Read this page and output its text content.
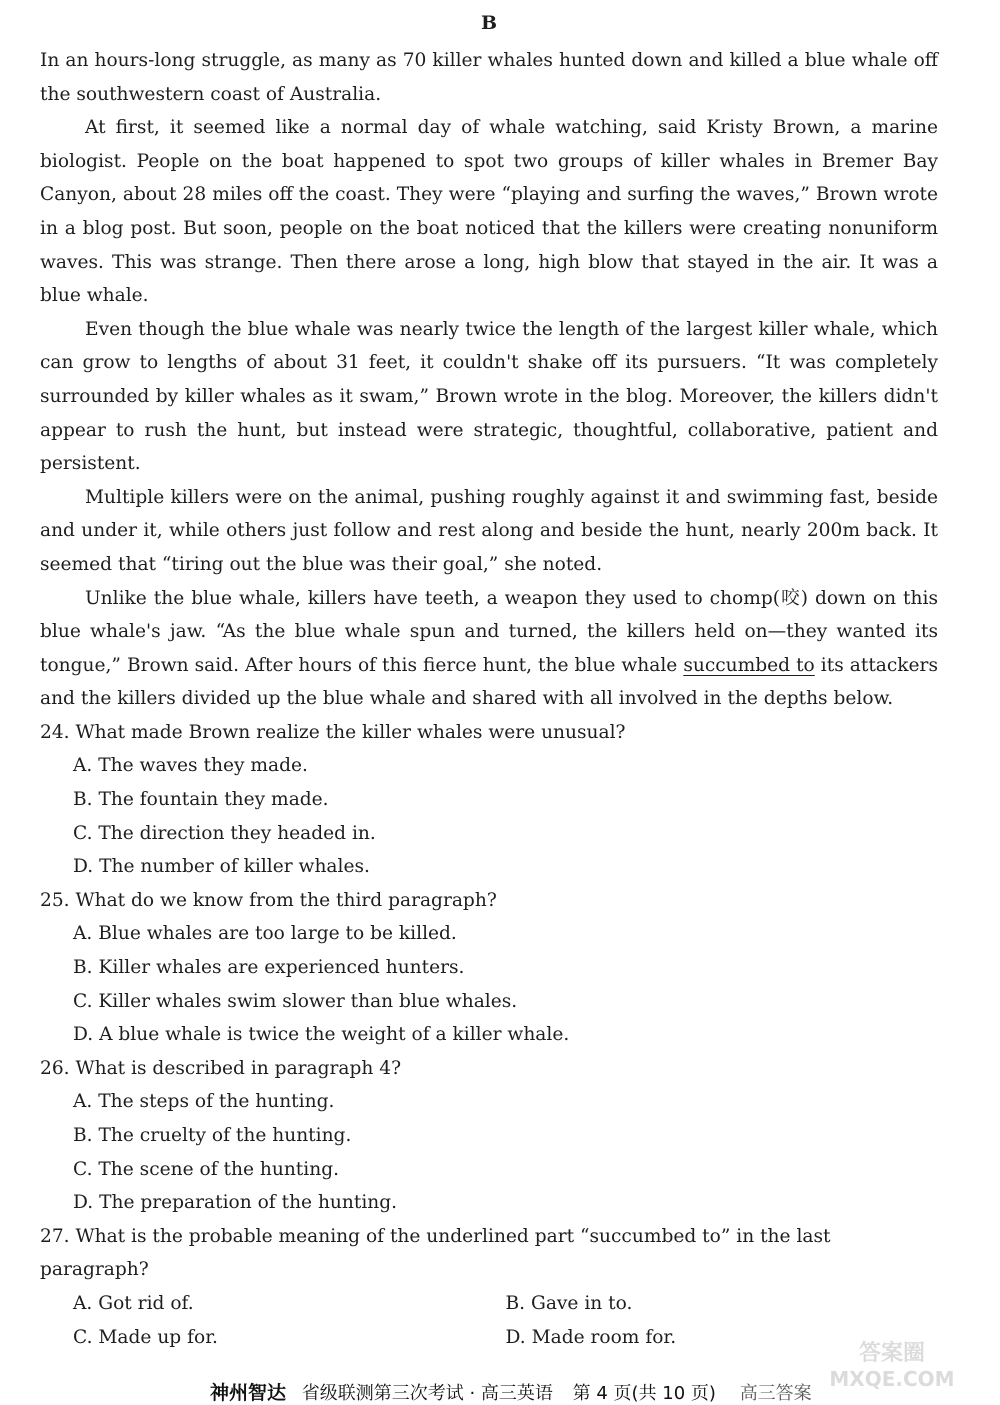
B

In an hours-long struggle, as many as 70 killer whales hunted down and killed a blue whale off the southwestern coast of Australia.

At first, it seemed like a normal day of whale watching, said Kristy Brown, a marine biologist. People on the boat happened to spot two groups of killer whales in Bremer Bay Canyon, about 28 miles off the coast. They were “playing and surfing the waves,” Brown wrote in a blog post. But soon, people on the boat noticed that the killers were creating nonuniform waves. This was strange. Then there arose a long, high blow that stayed in the air. It was a blue whale.

Even though the blue whale was nearly twice the length of the largest killer whale, which can grow to lengths of about 31 feet, it couldn't shake off its pursuers. “It was completely surrounded by killer whales as it swam,” Brown wrote in the blog. Moreover, the killers didn't appear to rush the hunt, but instead were strategic, thoughtful, collaborative, patient and persistent.

Multiple killers were on the animal, pushing roughly against it and swimming fast, beside and under it, while others just follow and rest along and beside the hunt, nearly 200m back. It seemed that “tiring out the blue was their goal,” she noted.

Unlike the blue whale, killers have teeth, a weapon they used to chomp(咬) down on this blue whale's jaw. “As the blue whale spun and turned, the killers held on—they wanted its tongue,” Brown said. After hours of this fierce hunt, the blue whale succumbed to its attackers and the killers divided up the blue whale and shared with all involved in the depths below.

24. What made Brown realize the killer whales were unusual?

A. The waves they made.

B. The fountain they made.

C. The direction they headed in.

D. The number of killer whales.

25. What do we know from the third paragraph?

A. Blue whales are too large to be killed.

B. Killer whales are experienced hunters.

C. Killer whales swim slower than blue whales.

D. A blue whale is twice the weight of a killer whale.

26. What is described in paragraph 4?

A. The steps of the hunting.

B. The cruelty of the hunting.

C. The scene of the hunting.

D. The preparation of the hunting.

27. What is the probable meaning of the underlined part “succumbed to” in the last paragraph?

A. Got rid of.	B. Gave in to.
C. Made up for.	D. Made room for.
神州智达 省级联测第三次考试 · 高三英语 第 4 页(共 10 页) 高三答案
答案圈
MXQE.COM
